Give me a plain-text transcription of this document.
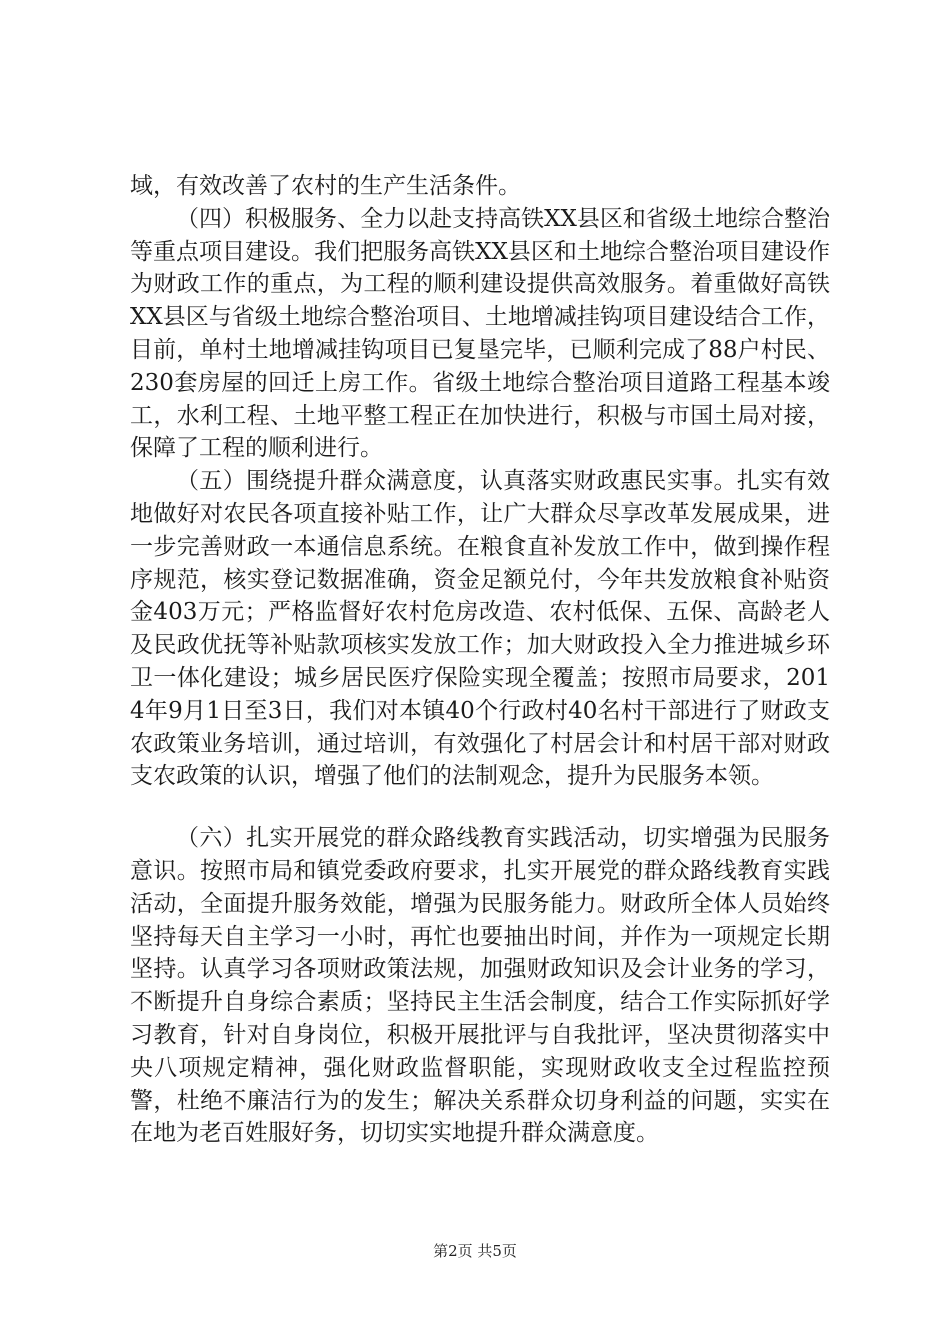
域，有效改善了农村的生产生活条件。

（四）积极服务、全力以赴支持高铁XX县区和省级土地综合整治等重点项目建设。我们把服务高铁XX县区和土地综合整治项目建设作为财政工作的重点，为工程的顺利建设提供高效服务。着重做好高铁XX县区与省级土地综合整治项目、土地增减挂钩项目建设结合工作，目前，单村土地增减挂钩项目已复垦完毕，已顺利完成了88户村民、230套房屋的回迁上房工作。省级土地综合整治项目道路工程基本竣工，水利工程、土地平整工程正在加快进行，积极与市国土局对接，保障了工程的顺利进行。

（五）围绕提升群众满意度，认真落实财政惠民实事。扎实有效地做好对农民各项直接补贴工作，让广大群众尽享改革发展成果，进一步完善财政一本通信息系统。在粮食直补发放工作中，做到操作程序规范，核实登记数据准确，资金足额兑付，今年共发放粮食补贴资金403万元；严格监督好农村危房改造、农村低保、五保、高龄老人及民政优抚等补贴款项核实发放工作；加大财政投入全力推进城乡环卫一体化建设；城乡居民医疗保险实现全覆盖；按照市局要求，2014年9月1日至3日，我们对本镇40个行政村40名村干部进行了财政支农政策业务培训，通过培训，有效强化了村居会计和村居干部对财政支农政策的认识，增强了他们的法制观念，提升为民服务本领。

（六）扎实开展党的群众路线教育实践活动，切实增强为民服务意识。按照市局和镇党委政府要求，扎实开展党的群众路线教育实践活动，全面提升服务效能，增强为民服务能力。财政所全体人员始终坚持每天自主学习一小时，再忙也要抽出时间，并作为一项规定长期坚持。认真学习各项财政策法规，加强财政知识及会计业务的学习，不断提升自身综合素质；坚持民主生活会制度，结合工作实际抓好学习教育，针对自身岗位，积极开展批评与自我批评，坚决贯彻落实中央八项规定精神，强化财政监督职能，实现财政收支全过程监控预警，杜绝不廉洁行为的发生；解决关系群众切身利益的问题，实实在在地为老百姓服好务，切切实实地提升群众满意度。

第2页 共5页
